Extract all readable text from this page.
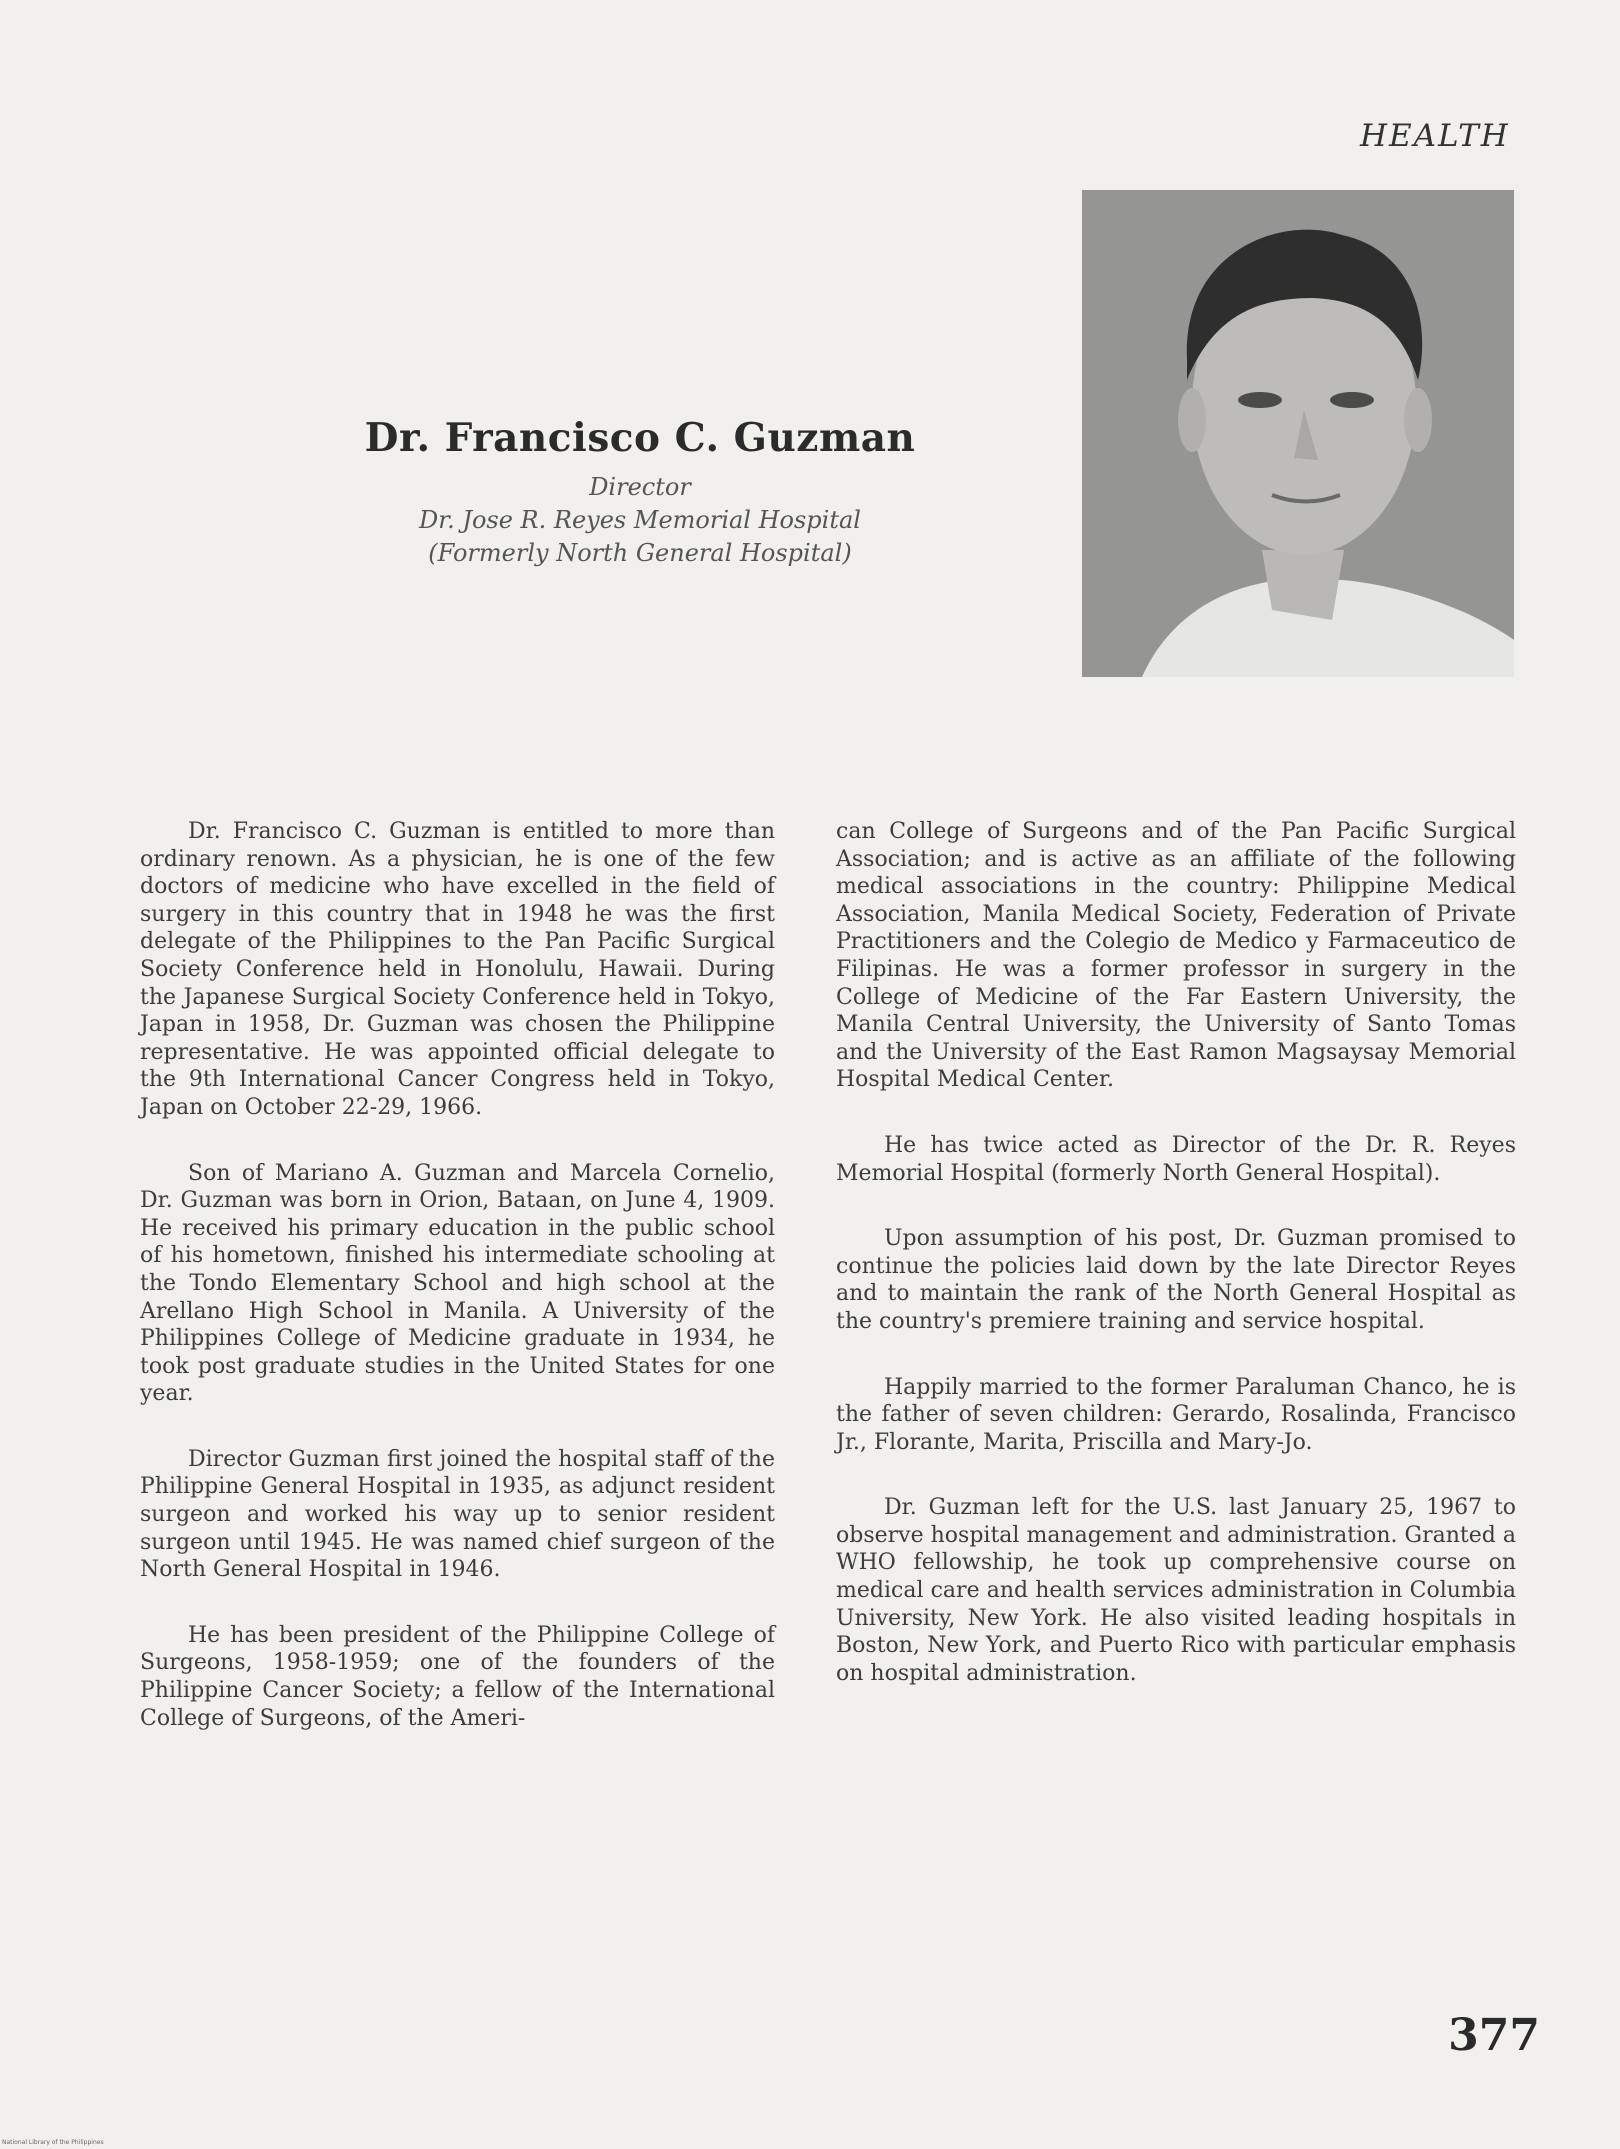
HEALTH
Dr. Francisco C. Guzman
Director
Dr. Jose R. Reyes Memorial Hospital
(Formerly North General Hospital)

Dr. Francisco C. Guzman is entitled to more than ordinary renown. As a physician, he is one of the few doctors of medicine who have excelled in the field of surgery in this country that in 1948 he was the first delegate of the Philippines to the Pan Pacific Surgical Society Conference held in Honolulu, Hawaii. During the Japanese Surgical Society Conference held in Tokyo, Japan in 1958, Dr. Guzman was chosen the Philippine representative. He was appointed official delegate to the 9th International Cancer Congress held in Tokyo, Japan on October 22-29, 1966.

Son of Mariano A. Guzman and Marcela Cornelio, Dr. Guzman was born in Orion, Bataan, on June 4, 1909. He received his primary education in the public school of his hometown, finished his intermediate schooling at the Tondo Elementary School and high school at the Arellano High School in Manila. A University of the Philippines College of Medicine graduate in 1934, he took post graduate studies in the United States for one year.

Director Guzman first joined the hospital staff of the Philippine General Hospital in 1935, as adjunct resident surgeon and worked his way up to senior resident surgeon until 1945. He was named chief surgeon of the North General Hospital in 1946.

He has been president of the Philippine College of Surgeons, 1958-1959; one of the founders of the Philippine Cancer Society; a fellow of the International College of Surgeons, of the Ameri-

can College of Surgeons and of the Pan Pacific Surgical Association; and is active as an affiliate of the following medical associations in the country: Philippine Medical Association, Manila Medical Society, Federation of Private Practitioners and the Colegio de Medico y Farmaceutico de Filipinas. He was a former professor in surgery in the College of Medicine of the Far Eastern University, the Manila Central University, the University of Santo Tomas and the University of the East Ramon Magsaysay Memorial Hospital Medical Center.

He has twice acted as Director of the Dr. R. Reyes Memorial Hospital (formerly North General Hospital).

Upon assumption of his post, Dr. Guzman promised to continue the policies laid down by the late Director Reyes and to maintain the rank of the North General Hospital as the country's premiere training and service hospital.

Happily married to the former Paraluman Chanco, he is the father of seven children: Gerardo, Rosalinda, Francisco Jr., Florante, Marita, Priscilla and Mary-Jo.

Dr. Guzman left for the U.S. last January 25, 1967 to observe hospital management and administration. Granted a WHO fellowship, he took up comprehensive course on medical care and health services administration in Columbia University, New York. He also visited leading hospitals in Boston, New York, and Puerto Rico with particular emphasis on hospital administration.

377
National Library of the Philippines
